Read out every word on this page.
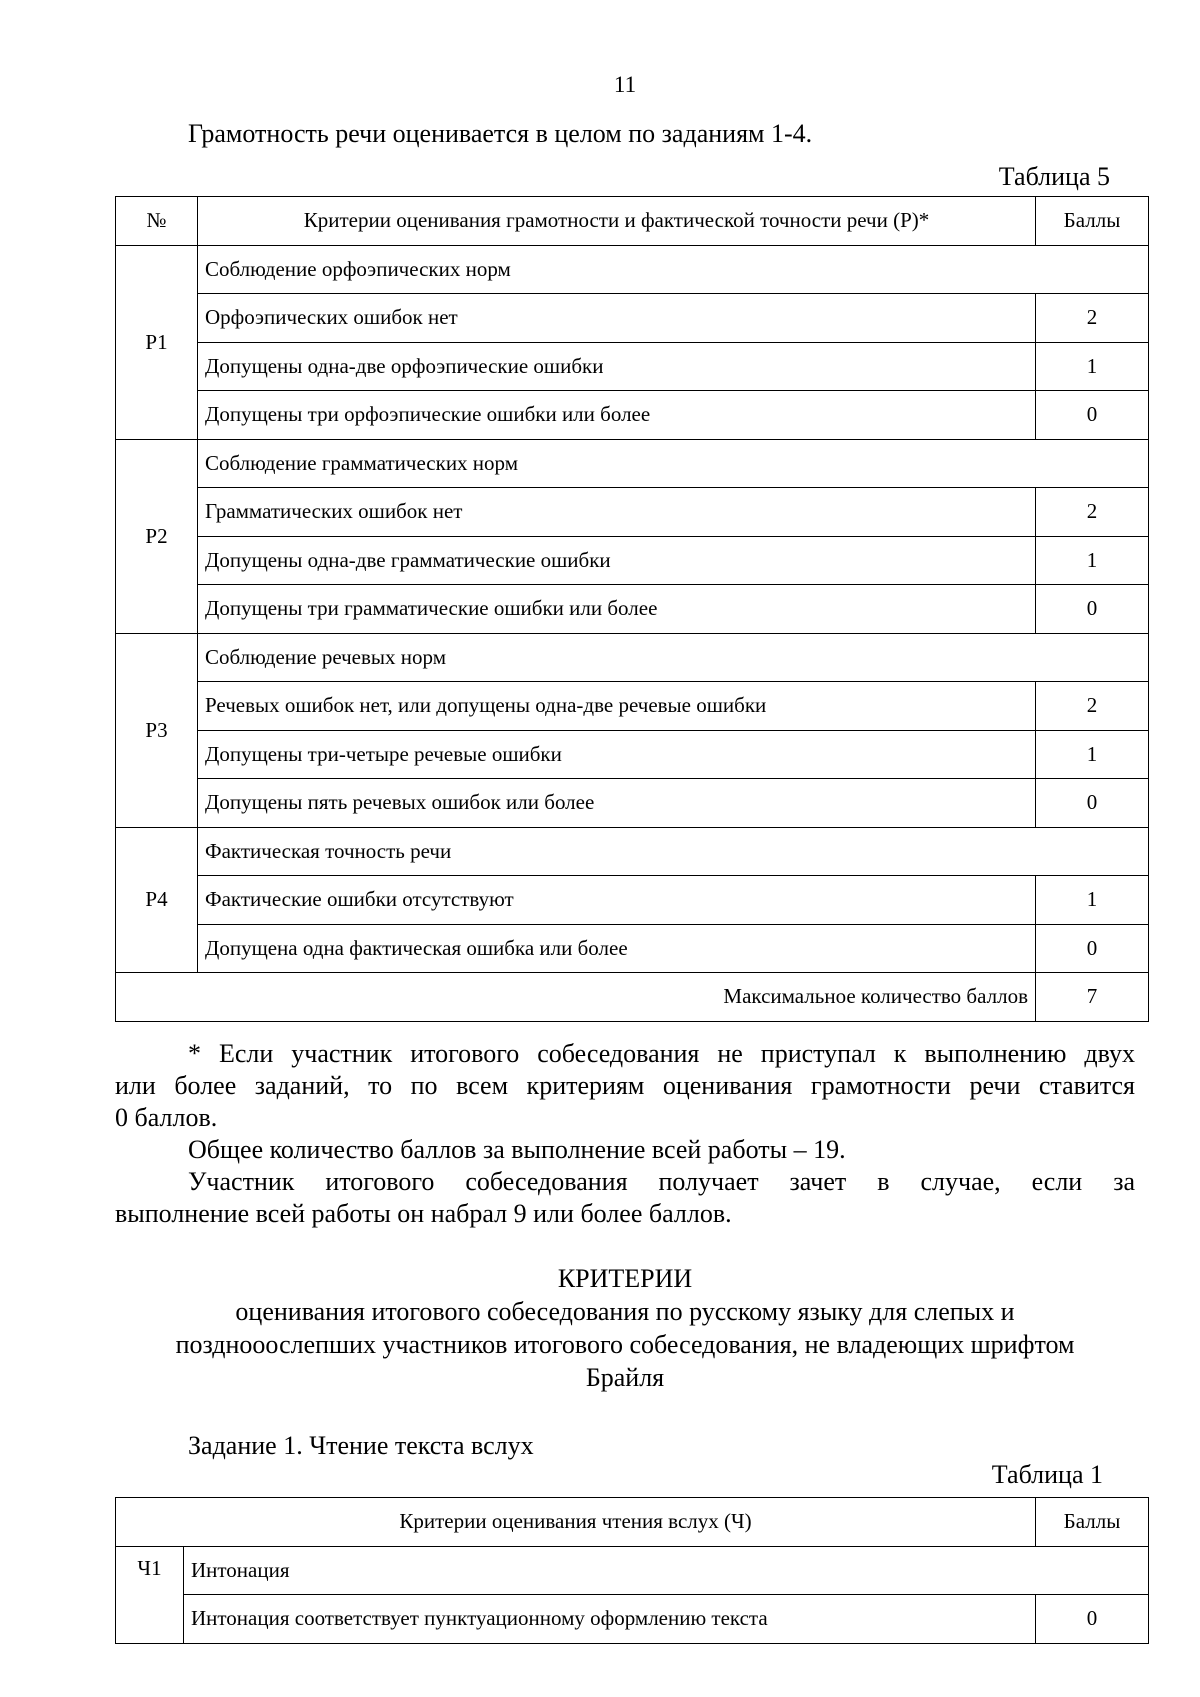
11
Грамотность речи оценивается в целом по заданиям 1-4.
Таблица 5
№	Критерии оценивания грамотности и фактической точности речи (Р)*	Баллы
Р1	Соблюдение орфоэпических норм	
	Орфоэпических ошибок нет	2
	Допущены одна-две орфоэпические ошибки	1
	Допущены три орфоэпические ошибки или более	0
Р2	Соблюдение грамматических норм	
	Грамматических ошибок нет	2
	Допущены одна-две грамматические ошибки	1
	Допущены три грамматические ошибки или более	0
Р3	Соблюдение речевых норм	
	Речевых ошибок нет, или допущены одна-две речевые ошибки	2
	Допущены три-четыре речевые ошибки	1
	Допущены пять речевых ошибок или более	0
Р4	Фактическая точность речи	
	Фактические ошибки отсутствуют	1
	Допущена одна фактическая ошибка или более	0
Максимальное количество баллов		7
* Если участник итогового собеседования не приступал к выполнению двух
или более заданий, то по всем критериям оценивания грамотности речи ставится
0 баллов.
Общее количество баллов за выполнение всей работы – 19.
Участник итогового собеседования получает зачет в случае, если за
выполнение всей работы он набрал 9 или более баллов.
КРИТЕРИИ
оценивания итогового собеседования по русскому языку для слепых и
позднооослепших участников итогового собеседования, не владеющих шрифтом
Брайля
Задание 1. Чтение текста вслух
Таблица 1
Критерии оценивания чтения вслух (Ч)		Баллы
Ч1	Интонация	
	Интонация соответствует пунктуационному оформлению текста	0
